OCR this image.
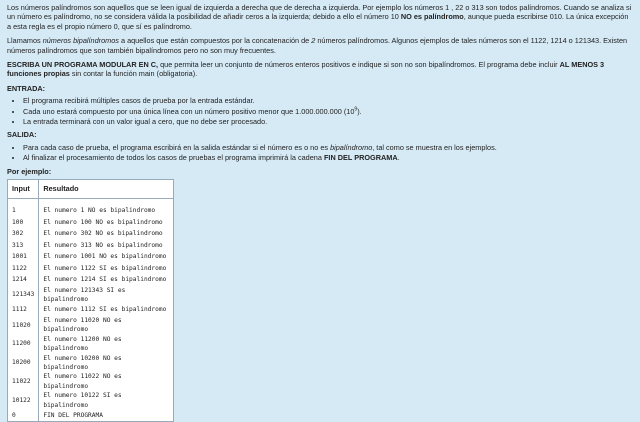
Los números palíndromos son aquellos que se leen igual de izquierda a derecha que de derecha a izquierda. Por ejemplo los números 1 , 22 o 313 son todos palíndromos. Cuando se analiza si un número es palíndromo, no se considera válida la posibilidad de añadir ceros a la izquierda; debido a ello el número 10 NO es palíndromo, aunque pueda escribirse 010. La única excepción a esta regla es el propio número 0, que sí es palíndromo.

Llamamos números bipalíndromos a aquellos que están compuestos por la concatenación de 2 números palíndromos. Algunos ejemplos de tales números son el 1122, 1214 o 121343. Existen números palíndromos que son también bipalíndromos pero no son muy frecuentes.

ESCRIBA UN PROGRAMA MODULAR EN C, que permita leer un conjunto de números enteros positivos e indique si son no son bipalíndromos. El programa debe incluir AL MENOS 3 funciones propias sin contar la función main (obligatoria).

ENTRADA:
• El programa recibirá múltiples casos de prueba por la entrada estándar.
• Cada uno estará compuesto por una única línea con un número positivo menor que 1.000.000.000 $(10^9)$.
• La entrada terminará con un valor igual a cero, que no debe ser procesado.
SALIDA:
• Para cada caso de prueba, el programa escribirá en la salida estándar si el número es o no es bipalíndromo, tal como se muestra en los ejemplos.
• Al finalizar el procesamiento de todos los casos de pruebas el programa imprimirá la cadena FIN DEL PROGRAMA.
Por ejemplo:
Input	Resultado

1	El numero 1 NO es bipalindromo
100	El numero 100 NO es bipalindromo
302	El numero 302 NO es bipalindromo
313	El numero 313 NO es bipalindromo
1001	El numero 1001 NO es bipalindromo
1122	El numero 1122 SI es bipalindromo
1214	El numero 1214 SI es bipalindromo
121343	El numero 121343 SI es bipalindromo
1112	El numero 1112 SI es bipalindromo
11020	El numero 11020 NO es bipalindromo
11200	El numero 11200 NO es bipalindromo
10200	El numero 10200 NO es bipalindromo
11022	El numero 11022 NO es bipalindromo
10122	El numero 10122 SI es bipalindromo
0	FIN DEL PROGRAMA
